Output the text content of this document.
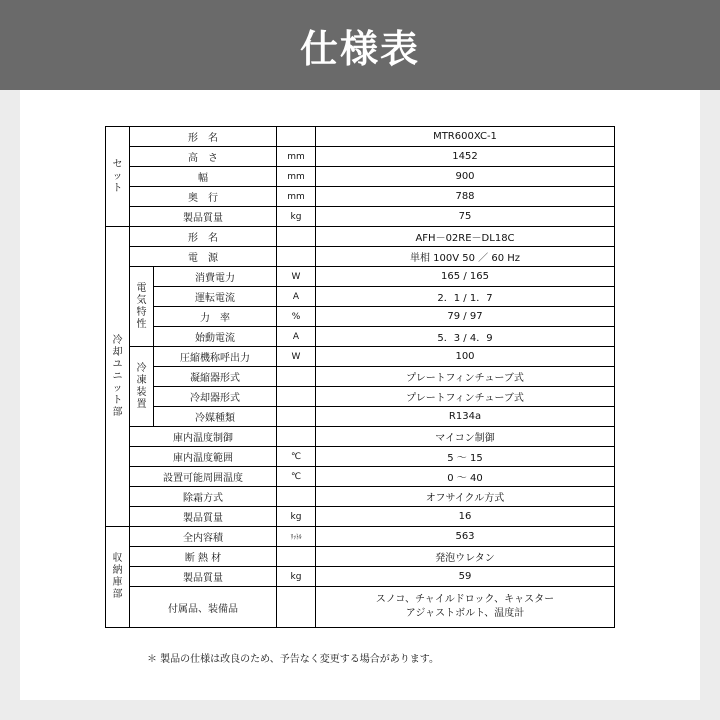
仕様表
セット	形　名			MTR600XC-1
	高　さ		mm	1452
	幅		mm	900
	奥　行		mm	788
	製品質量		kg	75
冷却ユニット部	形　名			AFH－02RE－DL18C
	電　源			単相 100V 50 ／ 60 Hz
	電気特性	消費電力	W	165 / 165
		運転電流	A	2．1 / 1．7
		力　率	%	79 / 97
		始動電流	A	5．3 / 4．9
	冷凍装置	圧縮機称呼出力	W	100
		凝縮器形式		プレートフィンチューブ式
		冷却器形式		プレートフィンチューブ式
		冷媒種類		R134a
	庫内温度制御			マイコン制御
	庫内温度範囲		℃	5 ～ 15
	設置可能周囲温度		℃	0 ～ 40
	除霜方式			オフサイクル方式
	製品質量		kg	16
収納庫部	全内容積		ﾘｯﾄﾙ	563
	断 熱 材			発泡ウレタン
	製品質量		kg	59
	付属品、装備品			スノコ、チャイルドロック、キャスター
アジャストボルト、温度計
＊ 製品の仕様は改良のため、予告なく変更する場合があります。
